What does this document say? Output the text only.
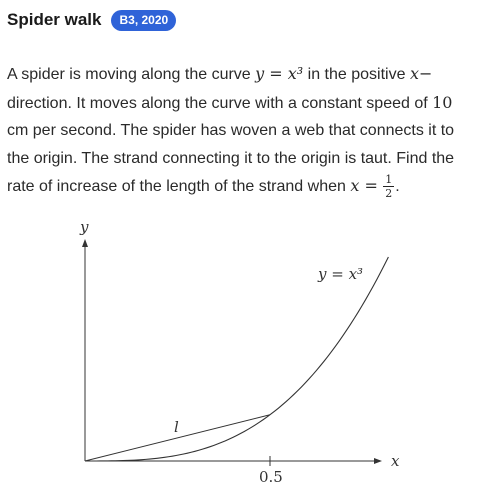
Spider walk	B3, 2020
A spider is moving along the curve y = x³ in the positive x− direction. It moves along the curve with a constant speed of 10 cm per second. The spider has woven a web that connects it to the origin. The strand connecting it to the origin is taut. Find the rate of increase of the length of the strand when $x = \frac{1}{2}$ .
y
x
0.5
y = x³
l
